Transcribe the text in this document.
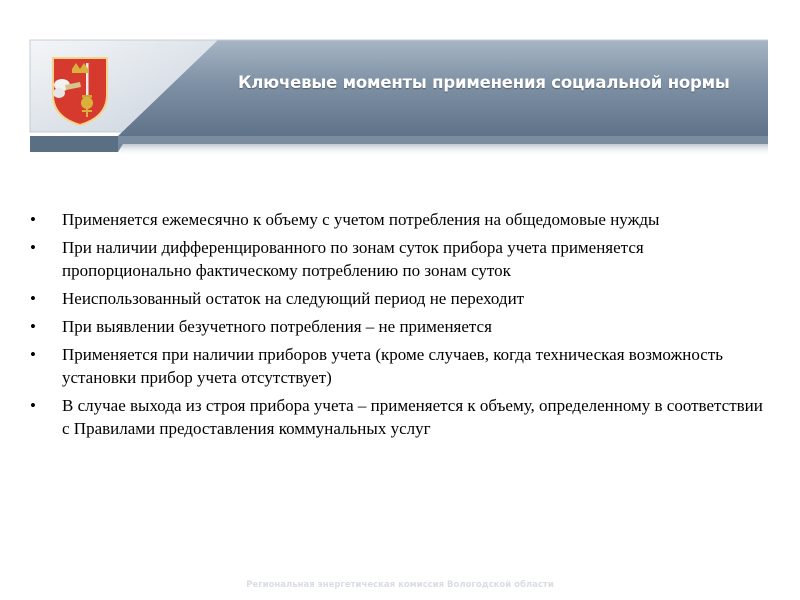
Ключевые моменты применения социальной нормы
•	Применяется ежемесячно к объему с учетом потребления на общедомовые нужды
•	При наличии дифференцированного по зонам суток прибора учета применяется пропорционально фактическому потреблению по зонам суток
•	Неиспользованный остаток на следующий период не переходит
•	При выявлении безучетного потребления – не применяется
•	Применяется при наличии приборов учета (кроме случаев, когда техническая возможность установки прибор учета отсутствует)
•	В случае выхода из строя прибора учета – применяется к объему, определенному в соответствии с Правилами предоставления коммунальных услуг
Региональная энергетическая комиссия Вологодской области
